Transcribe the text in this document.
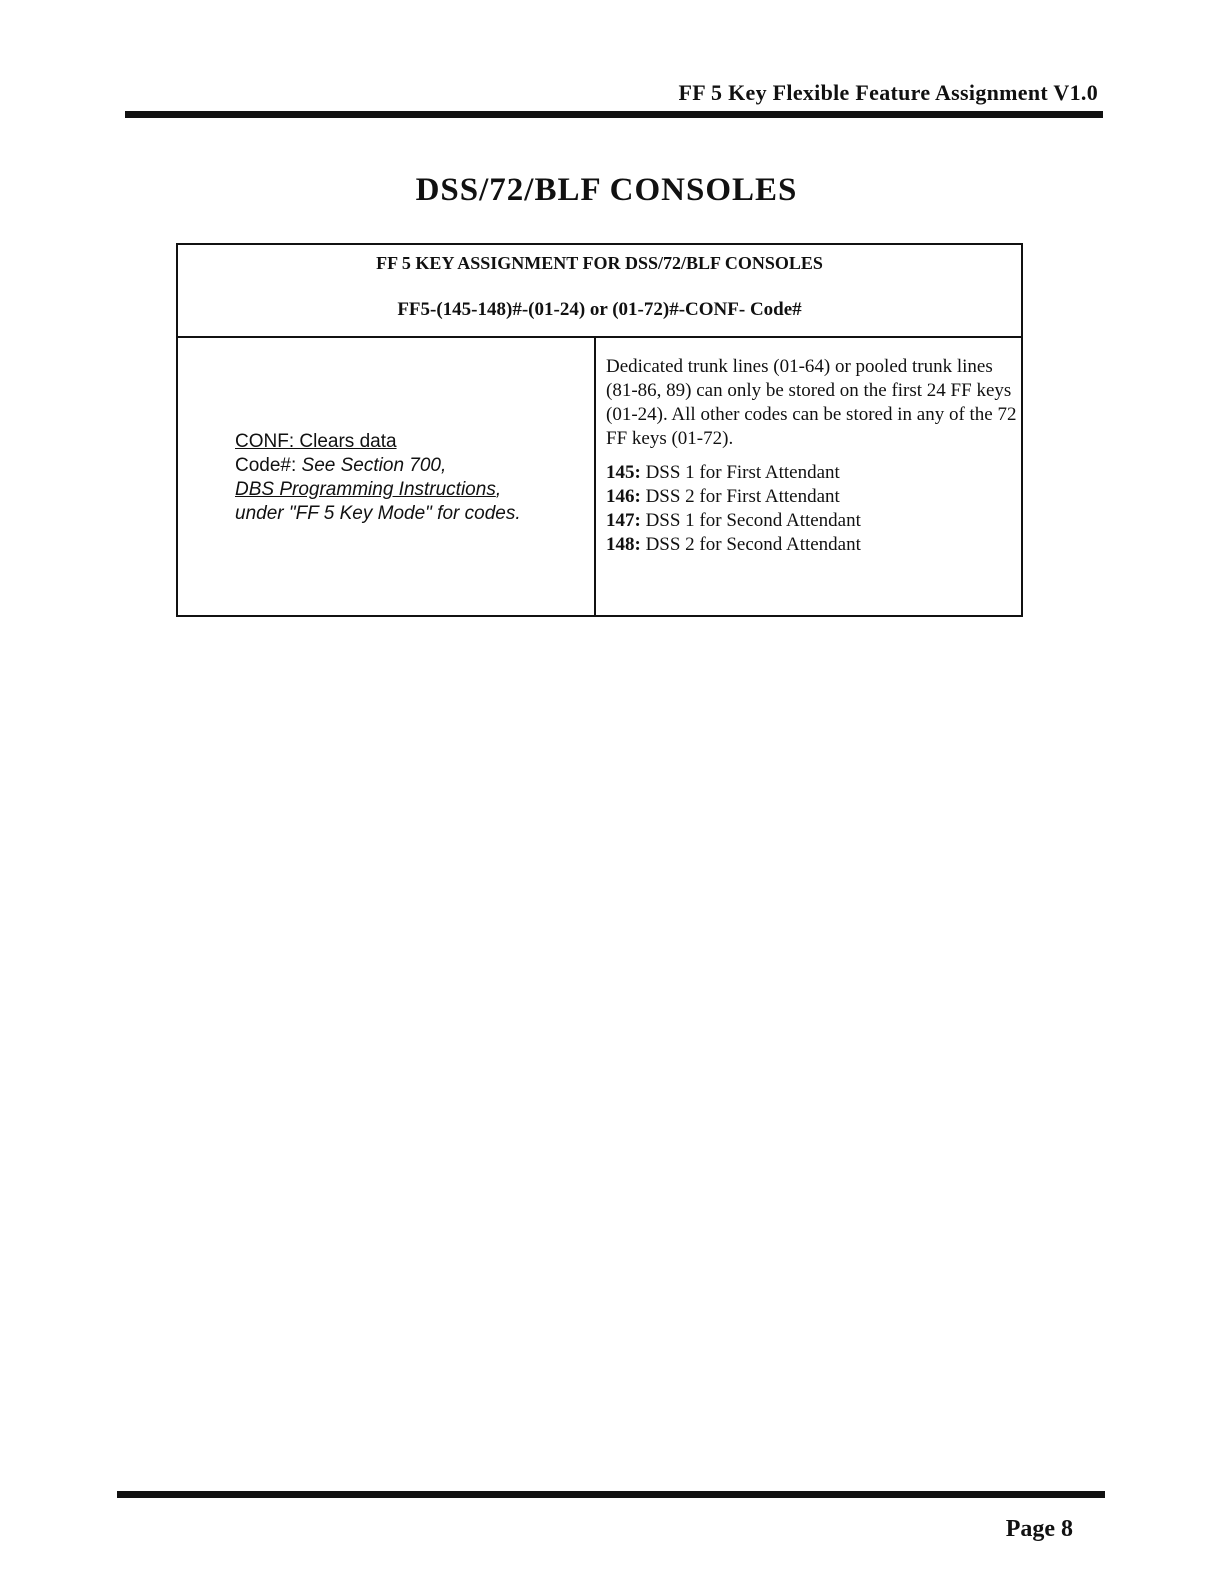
FF 5 Key Flexible Feature Assignment V1.0
DSS/72/BLF CONSOLES
FF 5 KEY ASSIGNMENT FOR DSS/72/BLF CONSOLES
FF5-(145-148)#-(01-24) or (01-72)#-CONF- Code#
CONF: Clears data
Code#: See Section 700,
DBS Programming Instructions,
under "FF 5 Key Mode" for codes.

Dedicated trunk lines (01-64) or pooled trunk lines (81-86, 89) can only be stored on the first 24 FF keys (01-24). All other codes can be stored in any of the 72 FF keys (01-72).

145: DSS 1 for First Attendant
146: DSS 2 for First Attendant
147: DSS 1 for Second Attendant
148: DSS 2 for Second Attendant
Page 8
